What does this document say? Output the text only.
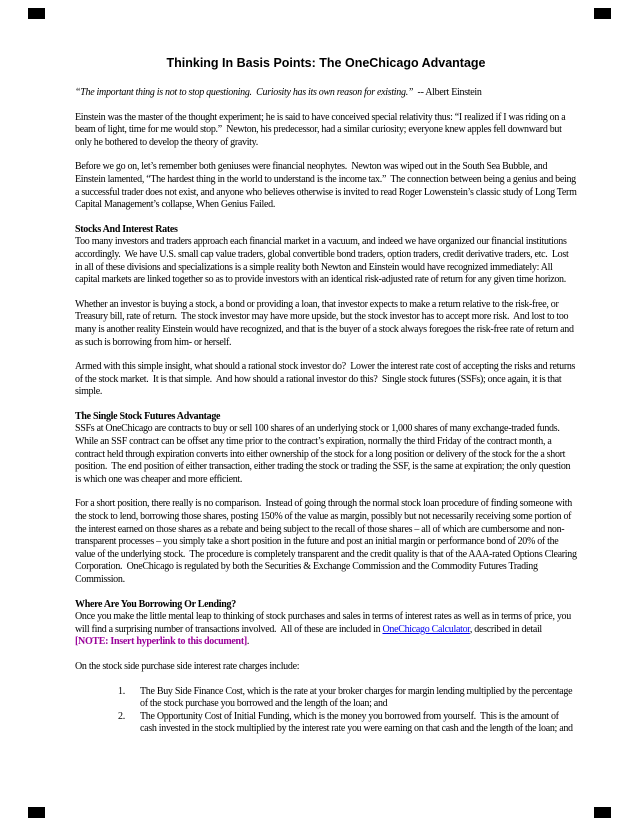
Thinking In Basis Points: The OneChicago Advantage
“The important thing is not to stop questioning.  Curiosity has its own reason for existing.”  -- Albert Einstein
Einstein was the master of the thought experiment; he is said to have conceived special relativity thus: “I realized if I was riding on a beam of light, time for me would stop.”  Newton, his predecessor, had a similar curiosity; everyone knew apples fell downward but only he bothered to develop the theory of gravity.
Before we go on, let’s remember both geniuses were financial neophytes.  Newton was wiped out in the South Sea Bubble, and Einstein lamented, “The hardest thing in the world to understand is the income tax.”  The connection between being a genius and being a successful trader does not exist, and anyone who believes otherwise is invited to read Roger Lowenstein’s classic study of Long Term Capital Management’s collapse, When Genius Failed.
Stocks And Interest Rates
Too many investors and traders approach each financial market in a vacuum, and indeed we have organized our financial institutions accordingly.  We have U.S. small cap value traders, global convertible bond traders, option traders, credit derivative traders, etc.  Lost in all of these divisions and specializations is a simple reality both Newton and Einstein would have recognized immediately: All capital markets are linked together so as to provide investors with an identical risk-adjusted rate of return for any given time horizon.
Whether an investor is buying a stock, a bond or providing a loan, that investor expects to make a return relative to the risk-free, or Treasury bill, rate of return.  The stock investor may have more upside, but the stock investor has to accept more risk.  And lost to too many is another reality Einstein would have recognized, and that is the buyer of a stock always foregoes the risk-free rate of return and as such is borrowing from him- or herself.
Armed with this simple insight, what should a rational stock investor do?  Lower the interest rate cost of accepting the risks and returns of the stock market.  It is that simple.  And how should a rational investor do this?  Single stock futures (SSFs); once again, it is that simple.
The Single Stock Futures Advantage
SSFs at OneChicago are contracts to buy or sell 100 shares of an underlying stock or 1,000 shares of many exchange-traded funds.  While an SSF contract can be offset any time prior to the contract’s expiration, normally the third Friday of the contract month, a contract held through expiration converts into either ownership of the stock for a long position or delivery of the stock for the a short position.  The end position of either transaction, either trading the stock or trading the SSF, is the same at expiration; the only question is which one was cheaper and more efficient.
For a short position, there really is no comparison.  Instead of going through the normal stock loan procedure of finding someone with the stock to lend, borrowing those shares, posting 150% of the value as margin, possibly but not necessarily receiving some portion of the interest earned on those shares as a rebate and being subject to the recall of those shares – all of which are cumbersome and non-transparent processes – you simply take a short position in the future and post an initial margin or performance bond of 20% of the value of the underlying stock.  The procedure is completely transparent and the credit quality is that of the AAA-rated Options Clearing Corporation.  OneChicago is regulated by both the Securities & Exchange Commission and the Commodity Futures Trading Commission.
Where Are You Borrowing Or Lending?
Once you make the little mental leap to thinking of stock purchases and sales in terms of interest rates as well as in terms of price, you will find a surprising number of transactions involved.  All of these are included in OneChicago Calculator, described in detail [NOTE: Insert hyperlink to this document].
On the stock side purchase side interest rate charges include:
1.	The Buy Side Finance Cost, which is the rate at your broker charges for margin lending multiplied by the percentage of the stock purchase you borrowed and the length of the loan; and
2.	The Opportunity Cost of Initial Funding, which is the money you borrowed from yourself.  This is the amount of cash invested in the stock multiplied by the interest rate you were earning on that cash and the length of the loan; and
